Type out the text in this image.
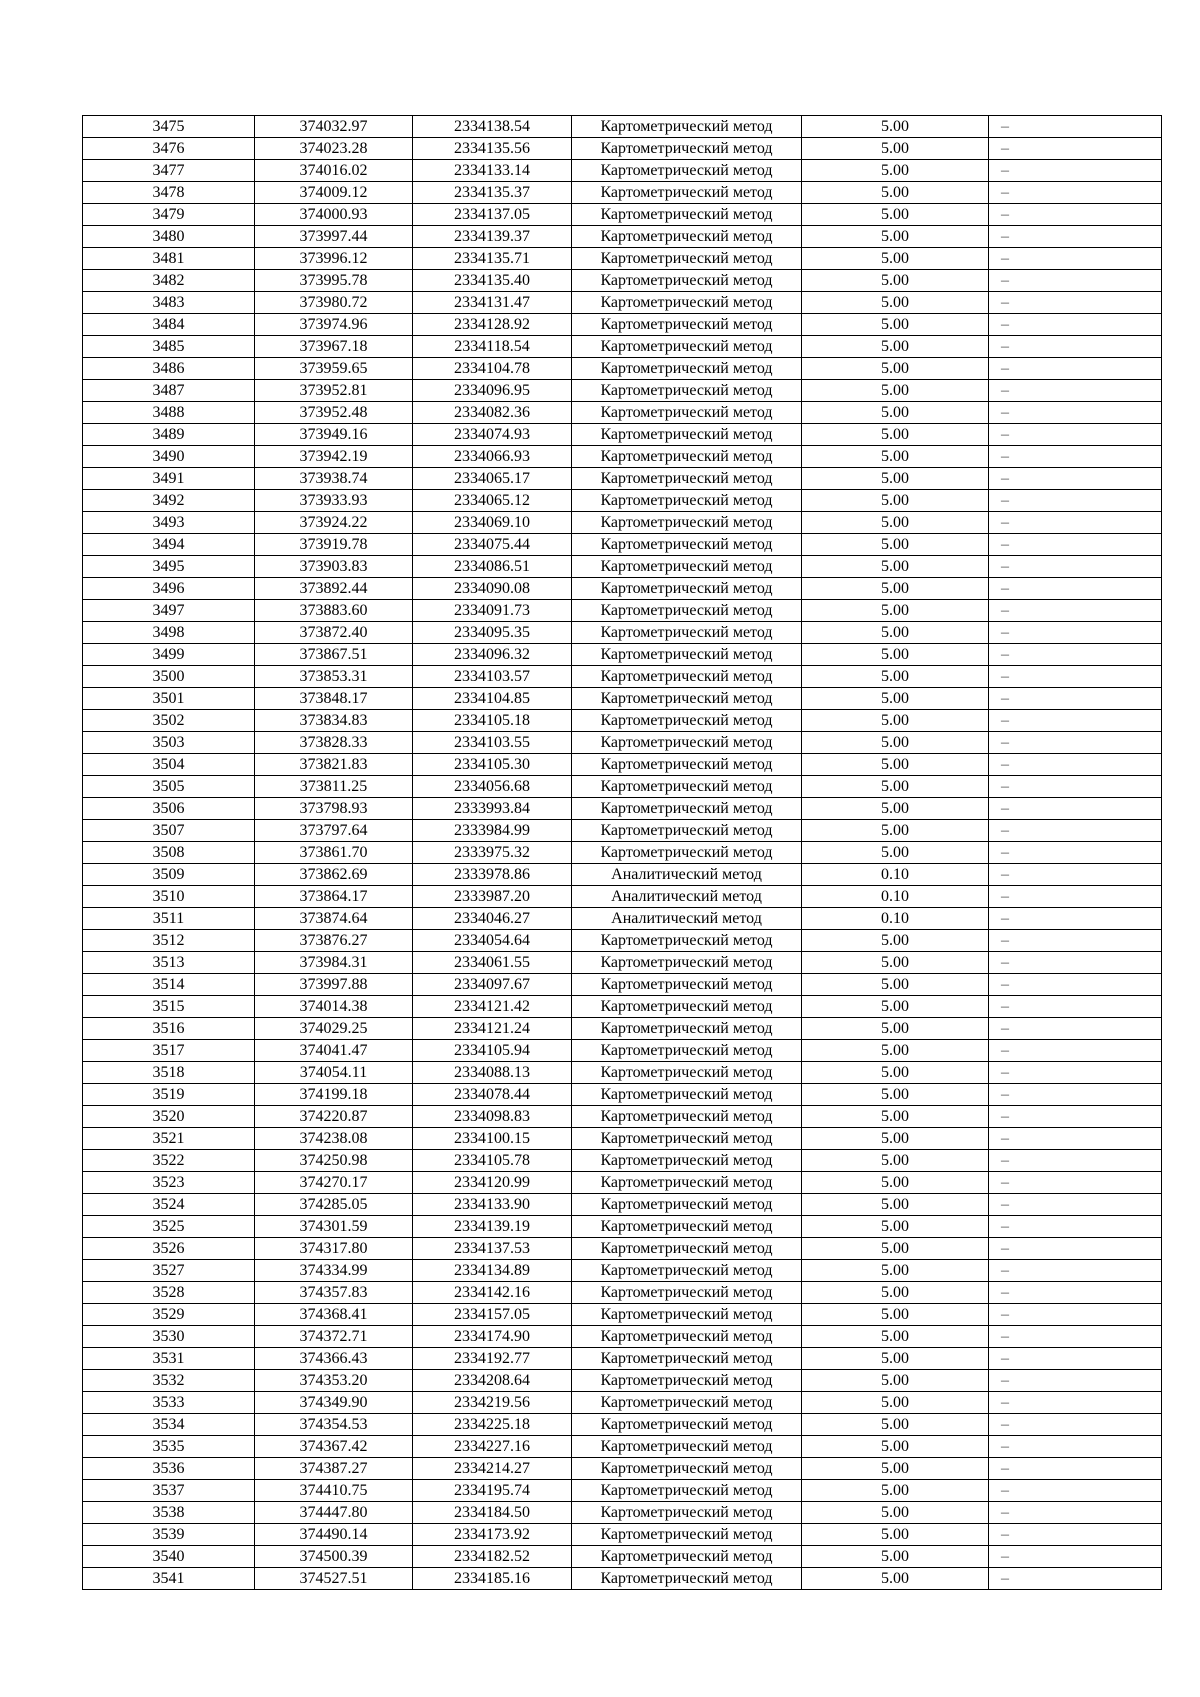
3475	374032.97	2334138.54	Картометрический метод	5.00	–
3476	374023.28	2334135.56	Картометрический метод	5.00	–
3477	374016.02	2334133.14	Картометрический метод	5.00	–
3478	374009.12	2334135.37	Картометрический метод	5.00	–
3479	374000.93	2334137.05	Картометрический метод	5.00	–
3480	373997.44	2334139.37	Картометрический метод	5.00	–
3481	373996.12	2334135.71	Картометрический метод	5.00	–
3482	373995.78	2334135.40	Картометрический метод	5.00	–
3483	373980.72	2334131.47	Картометрический метод	5.00	–
3484	373974.96	2334128.92	Картометрический метод	5.00	–
3485	373967.18	2334118.54	Картометрический метод	5.00	–
3486	373959.65	2334104.78	Картометрический метод	5.00	–
3487	373952.81	2334096.95	Картометрический метод	5.00	–
3488	373952.48	2334082.36	Картометрический метод	5.00	–
3489	373949.16	2334074.93	Картометрический метод	5.00	–
3490	373942.19	2334066.93	Картометрический метод	5.00	–
3491	373938.74	2334065.17	Картометрический метод	5.00	–
3492	373933.93	2334065.12	Картометрический метод	5.00	–
3493	373924.22	2334069.10	Картометрический метод	5.00	–
3494	373919.78	2334075.44	Картометрический метод	5.00	–
3495	373903.83	2334086.51	Картометрический метод	5.00	–
3496	373892.44	2334090.08	Картометрический метод	5.00	–
3497	373883.60	2334091.73	Картометрический метод	5.00	–
3498	373872.40	2334095.35	Картометрический метод	5.00	–
3499	373867.51	2334096.32	Картометрический метод	5.00	–
3500	373853.31	2334103.57	Картометрический метод	5.00	–
3501	373848.17	2334104.85	Картометрический метод	5.00	–
3502	373834.83	2334105.18	Картометрический метод	5.00	–
3503	373828.33	2334103.55	Картометрический метод	5.00	–
3504	373821.83	2334105.30	Картометрический метод	5.00	–
3505	373811.25	2334056.68	Картометрический метод	5.00	–
3506	373798.93	2333993.84	Картометрический метод	5.00	–
3507	373797.64	2333984.99	Картометрический метод	5.00	–
3508	373861.70	2333975.32	Картометрический метод	5.00	–
3509	373862.69	2333978.86	Аналитический метод	0.10	–
3510	373864.17	2333987.20	Аналитический метод	0.10	–
3511	373874.64	2334046.27	Аналитический метод	0.10	–
3512	373876.27	2334054.64	Картометрический метод	5.00	–
3513	373984.31	2334061.55	Картометрический метод	5.00	–
3514	373997.88	2334097.67	Картометрический метод	5.00	–
3515	374014.38	2334121.42	Картометрический метод	5.00	–
3516	374029.25	2334121.24	Картометрический метод	5.00	–
3517	374041.47	2334105.94	Картометрический метод	5.00	–
3518	374054.11	2334088.13	Картометрический метод	5.00	–
3519	374199.18	2334078.44	Картометрический метод	5.00	–
3520	374220.87	2334098.83	Картометрический метод	5.00	–
3521	374238.08	2334100.15	Картометрический метод	5.00	–
3522	374250.98	2334105.78	Картометрический метод	5.00	–
3523	374270.17	2334120.99	Картометрический метод	5.00	–
3524	374285.05	2334133.90	Картометрический метод	5.00	–
3525	374301.59	2334139.19	Картометрический метод	5.00	–
3526	374317.80	2334137.53	Картометрический метод	5.00	–
3527	374334.99	2334134.89	Картометрический метод	5.00	–
3528	374357.83	2334142.16	Картометрический метод	5.00	–
3529	374368.41	2334157.05	Картометрический метод	5.00	–
3530	374372.71	2334174.90	Картометрический метод	5.00	–
3531	374366.43	2334192.77	Картометрический метод	5.00	–
3532	374353.20	2334208.64	Картометрический метод	5.00	–
3533	374349.90	2334219.56	Картометрический метод	5.00	–
3534	374354.53	2334225.18	Картометрический метод	5.00	–
3535	374367.42	2334227.16	Картометрический метод	5.00	–
3536	374387.27	2334214.27	Картометрический метод	5.00	–
3537	374410.75	2334195.74	Картометрический метод	5.00	–
3538	374447.80	2334184.50	Картометрический метод	5.00	–
3539	374490.14	2334173.92	Картометрический метод	5.00	–
3540	374500.39	2334182.52	Картометрический метод	5.00	–
3541	374527.51	2334185.16	Картометрический метод	5.00	–
